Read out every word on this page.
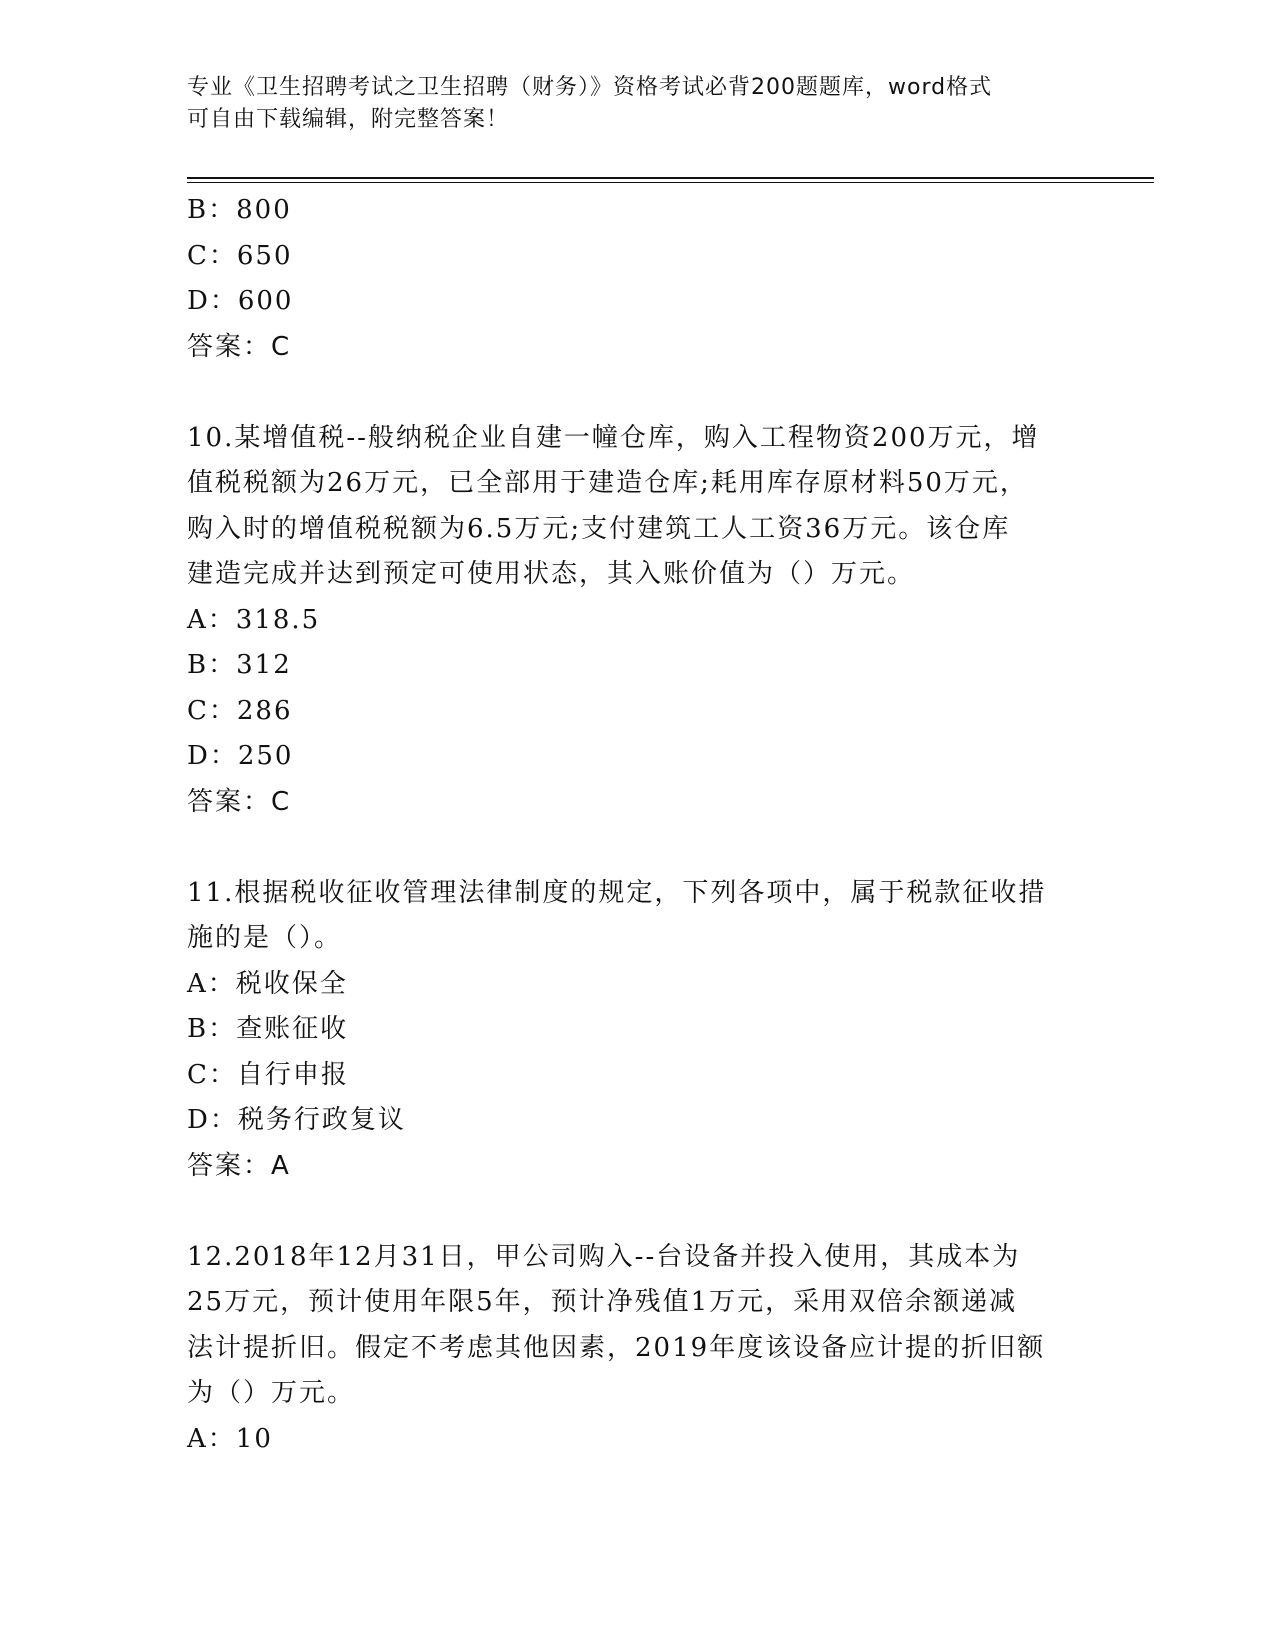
专业《卫生招聘考试之卫生招聘（财务）》资格考试必背200题题库，word格式
可自由下载编辑，附完整答案！
B：800
C：650
D：600
答案：C
10.某增值税--般纳税企业自建一幢仓库，购入工程物资200万元，增
值税税额为26万元，已全部用于建造仓库;耗用库存原材料50万元，
购入时的增值税税额为6.5万元;支付建筑工人工资36万元。该仓库
建造完成并达到预定可使用状态，其入账价值为（）万元。
A：318.5
B：312
C：286
D：250
答案：C
11.根据税收征收管理法律制度的规定，下列各项中，属于税款征收措
施的是（）。
A：税收保全
B：查账征收
C：自行申报
D：税务行政复议
答案：A
12.2018年12月31日，甲公司购入--台设备并投入使用，其成本为
25万元，预计使用年限5年，预计净残值1万元，采用双倍余额递减
法计提折旧。假定不考虑其他因素，2019年度该设备应计提的折旧额
为（）万元。
A：10
